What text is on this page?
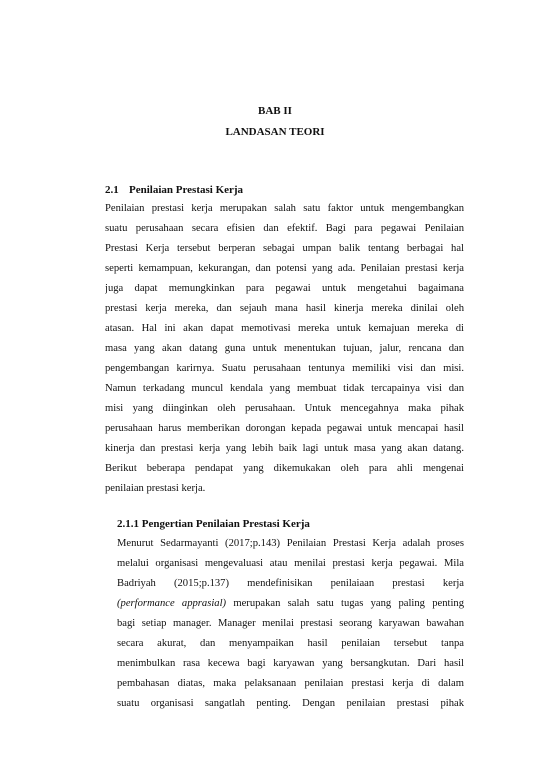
BAB II
LANDASAN TEORI
2.1 Penilaian Prestasi Kerja
Penilaian prestasi kerja merupakan salah satu faktor untuk mengembangkan
suatu perusahaan secara efisien dan efektif. Bagi para pegawai Penilaian
Prestasi Kerja tersebut berperan sebagai umpan balik tentang berbagai hal
seperti kemampuan, kekurangan, dan potensi yang ada. Penilaian prestasi kerja
juga dapat memungkinkan para pegawai untuk mengetahui bagaimana
prestasi kerja mereka, dan sejauh mana hasil kinerja mereka dinilai oleh
atasan. Hal ini akan dapat memotivasi mereka untuk kemajuan mereka di
masa yang akan datang guna untuk menentukan tujuan, jalur, rencana dan
pengembangan karirnya. Suatu perusahaan tentunya memiliki visi dan misi.
Namun terkadang muncul kendala yang membuat tidak tercapainya visi dan
misi yang diinginkan oleh perusahaan. Untuk mencegahnya maka pihak
perusahaan harus memberikan dorongan kepada pegawai untuk mencapai hasil
kinerja dan prestasi kerja yang lebih baik lagi untuk masa yang akan datang.
Berikut beberapa pendapat yang dikemukakan oleh para ahli mengenai
penilaian prestasi kerja.
2.1.1 Pengertian Penilaian Prestasi Kerja
Menurut Sedarmayanti (2017;p.143) Penilaian Prestasi Kerja adalah proses
melalui organisasi mengevaluasi atau menilai prestasi kerja pegawai. Mila
Badriyah (2015;p.137) mendefinisikan penilaiaan prestasi kerja
(performance apprasial) merupakan salah satu tugas yang paling penting
bagi setiap manager. Manager menilai prestasi seorang karyawan bawahan
secara akurat, dan menyampaikan hasil penilaian tersebut tanpa
menimbulkan rasa kecewa bagi karyawan yang bersangkutan. Dari hasil
pembahasan diatas, maka pelaksanaan penilaian prestasi kerja di dalam
suatu organisasi sangatlah penting. Dengan penilaian prestasi pihak
